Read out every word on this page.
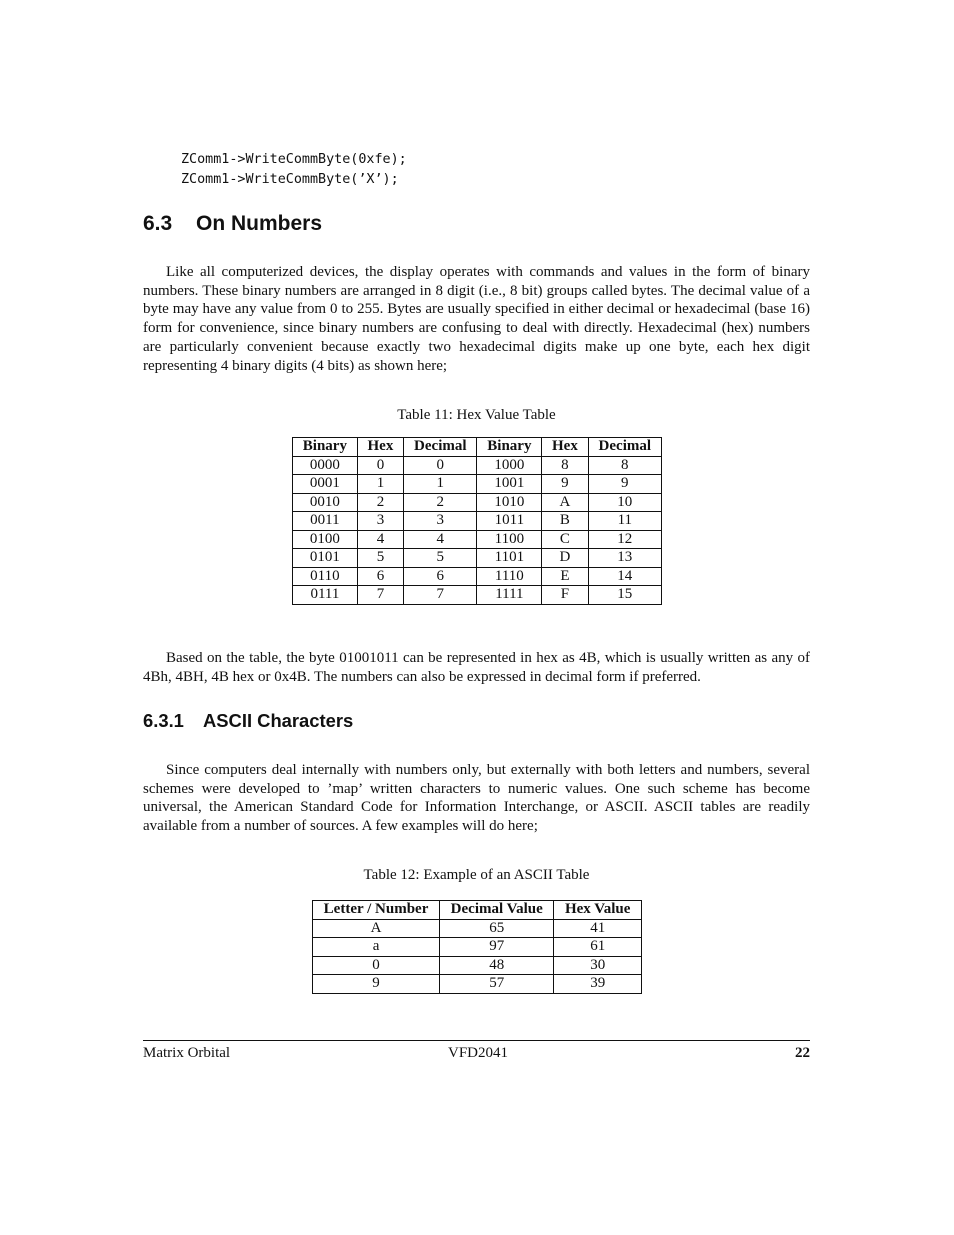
ZComm1->WriteCommByte(0xfe);
ZComm1->WriteCommByte(’X’);
6.3 On Numbers

Like all computerized devices, the display operates with commands and values in the form of binary numbers. These binary numbers are arranged in 8 digit (i.e., 8 bit) groups called bytes. The decimal value of a byte may have any value from 0 to 255. Bytes are usually specified in either decimal or hexadecimal (base 16) form for convenience, since binary numbers are confusing to deal with directly. Hexadecimal (hex) numbers are particularly convenient because exactly two hexadecimal digits make up one byte, each hex digit representing 4 binary digits (4 bits) as shown here;

Table 11: Hex Value Table

Binary	Hex	Decimal	Binary	Hex	Decimal
0000	0	0	1000	8	8
0001	1	1	1001	9	9
0010	2	2	1010	A	10
0011	3	3	1011	B	11
0100	4	4	1100	C	12
0101	5	5	1101	D	13
0110	6	6	1110	E	14
0111	7	7	1111	F	15

Based on the table, the byte 01001011 can be represented in hex as 4B, which is usually written as any of 4Bh, 4BH, 4B hex or 0x4B. The numbers can also be expressed in decimal form if preferred.

6.3.1 ASCII Characters

Since computers deal internally with numbers only, but externally with both letters and numbers, several schemes were developed to ’map’ written characters to numeric values. One such scheme has become universal, the American Standard Code for Information Interchange, or ASCII. ASCII tables are readily available from a number of sources. A few examples will do here;

Table 12: Example of an ASCII Table

Letter / Number	Decimal Value	Hex Value
A	65	41
a	97	61
0	48	30
9	57	39
Matrix Orbital	VFD2041	22
